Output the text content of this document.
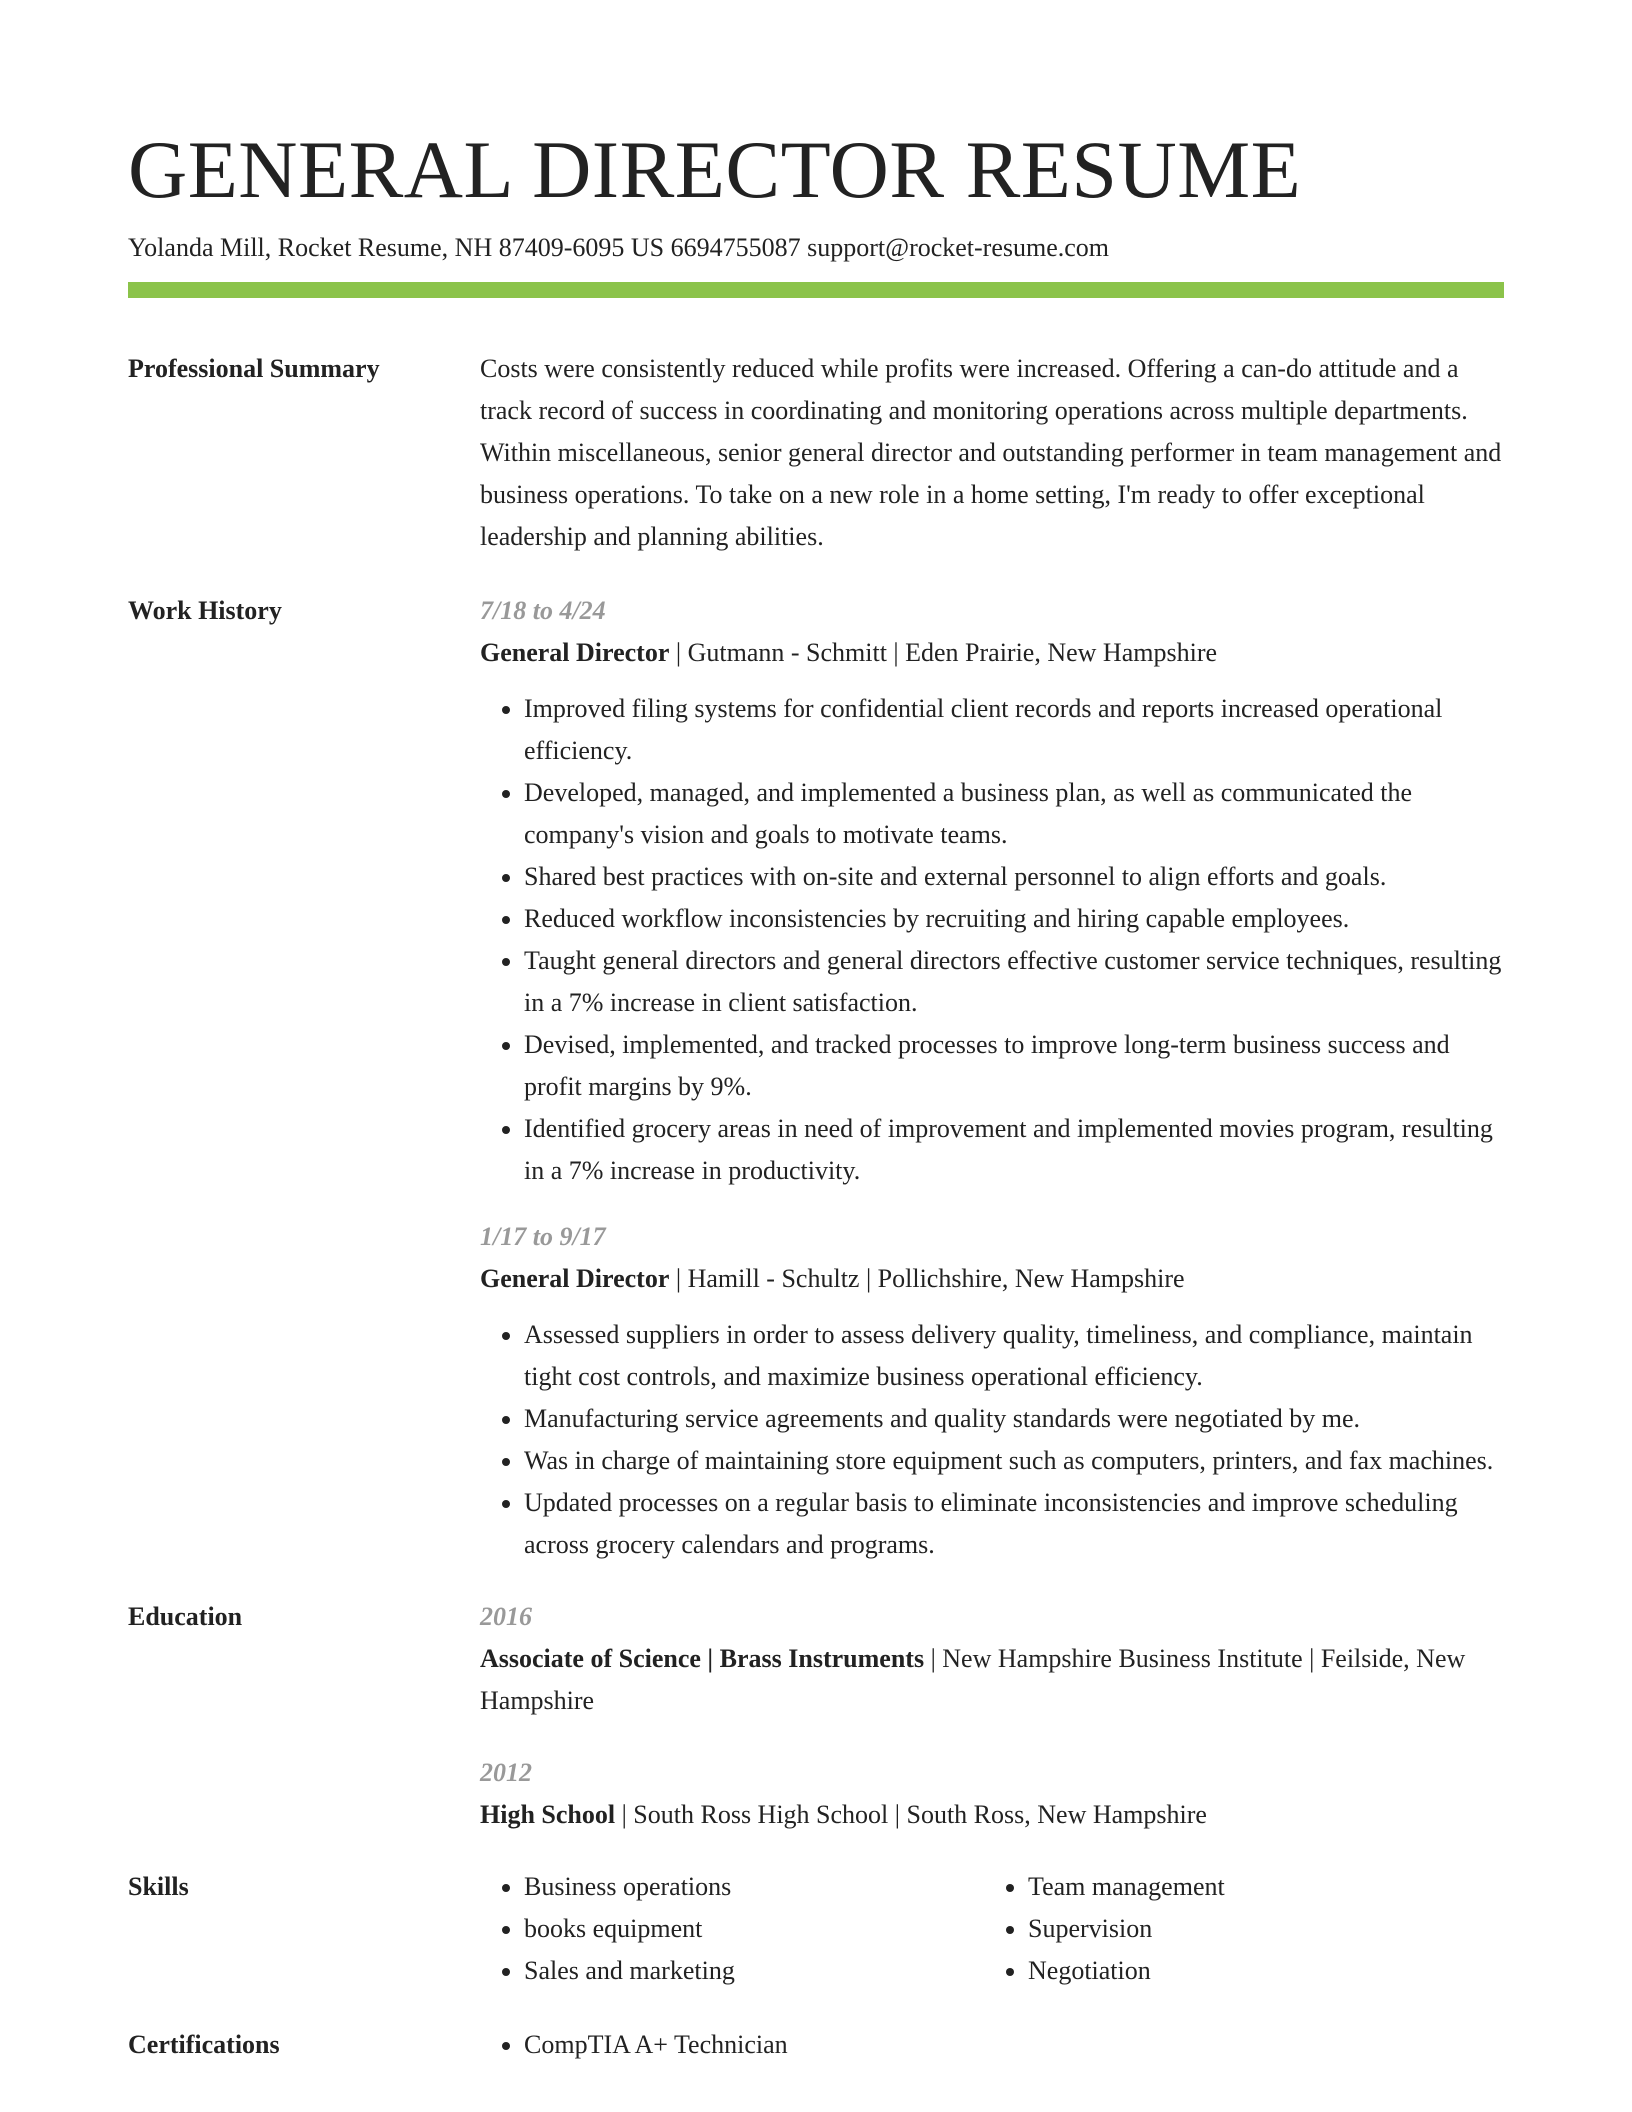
GENERAL DIRECTOR RESUME
Yolanda Mill, Rocket Resume, NH 87409-6095 US 6694755087 support@rocket-resume.com
Professional Summary	Costs were consistently reduced while profits were increased. Offering a can-do attitude and a track record of success in coordinating and monitoring operations across multiple departments. Within miscellaneous, senior general director and outstanding performer in team management and business operations. To take on a new role in a home setting, I'm ready to offer exceptional leadership and planning abilities.
Work History	7/18 to 4/24
General Director | Gutmann - Schmitt | Eden Prairie, New Hampshire
• Improved filing systems for confidential client records and reports increased operational efficiency.
• Developed, managed, and implemented a business plan, as well as communicated the company's vision and goals to motivate teams.
• Shared best practices with on-site and external personnel to align efforts and goals.
• Reduced workflow inconsistencies by recruiting and hiring capable employees.
• Taught general directors and general directors effective customer service techniques, resulting in a 7% increase in client satisfaction.
• Devised, implemented, and tracked processes to improve long-term business success and profit margins by 9%.
• Identified grocery areas in need of improvement and implemented movies program, resulting in a 7% increase in productivity.
1/17 to 9/17
General Director | Hamill - Schultz | Pollichshire, New Hampshire
• Assessed suppliers in order to assess delivery quality, timeliness, and compliance, maintain tight cost controls, and maximize business operational efficiency.
• Manufacturing service agreements and quality standards were negotiated by me.
• Was in charge of maintaining store equipment such as computers, printers, and fax machines.
• Updated processes on a regular basis to eliminate inconsistencies and improve scheduling across grocery calendars and programs.
Education	2016
Associate of Science | Brass Instruments | New Hampshire Business Institute | Feilside, New Hampshire
2012
High School | South Ross High School | South Ross, New Hampshire
Skills	• Business operations
• books equipment
• Sales and marketing
• Team management
• Supervision
• Negotiation
Certifications	• CompTIA A+ Technician
